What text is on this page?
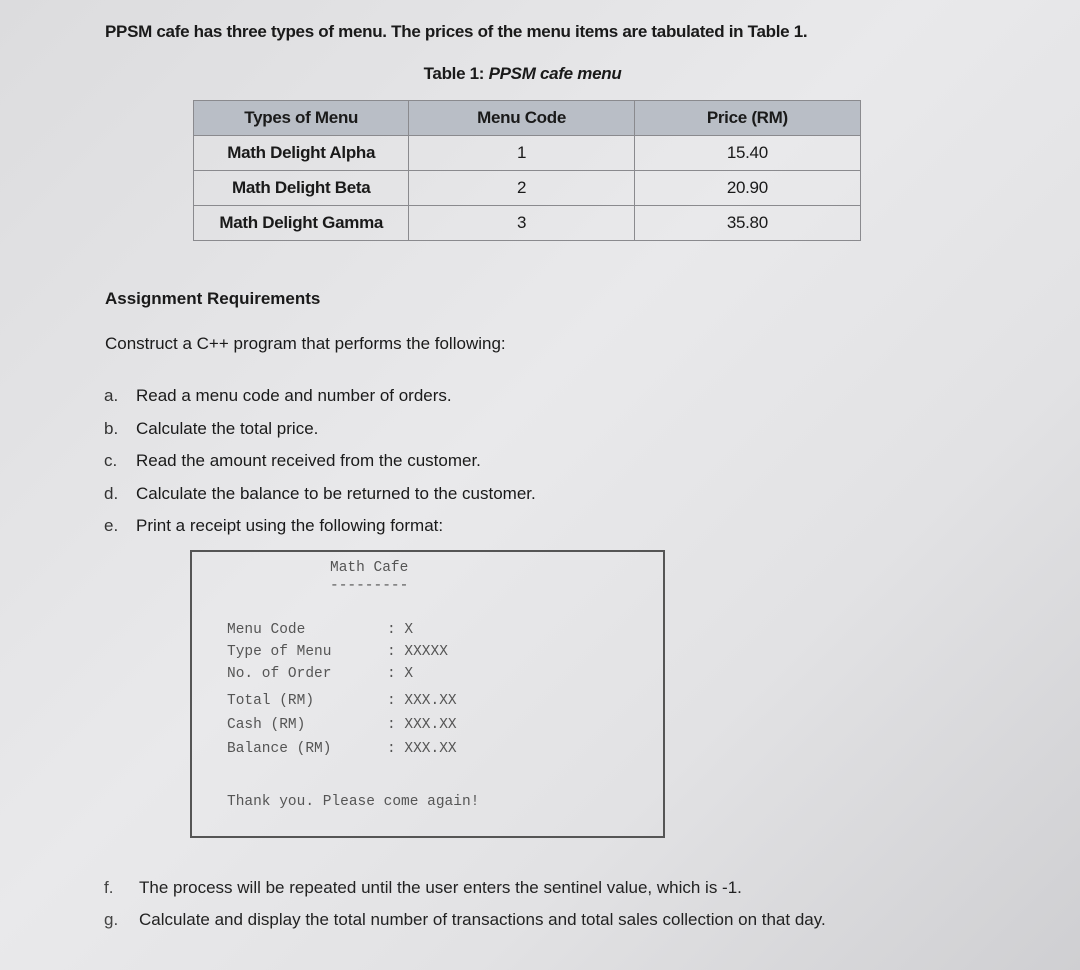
PPSM cafe has three types of menu. The prices of the menu items are tabulated in Table 1.
Table 1: PPSM cafe menu
Types of Menu	Menu Code	Price (RM)
Math Delight Alpha	1	15.40
Math Delight Beta	2	20.90
Math Delight Gamma	3	35.80
Assignment Requirements
Construct a C++ program that performs the following:
a. Read a menu code and number of orders.
b. Calculate the total price.
c. Read the amount received from the customer.
d. Calculate the balance to be returned to the customer.
e. Print a receipt using the following format:
Math Cafe
---------
Menu Code	: X
Type of Menu	: XXXXX
No. of Order	: X
Total (RM)	: XXX.XX
Cash (RM)	: XXX.XX
Balance (RM)	: XXX.XX
Thank you. Please come again!
f. The process will be repeated until the user enters the sentinel value, which is -1.
g. Calculate and display the total number of transactions and total sales collection on that day.
